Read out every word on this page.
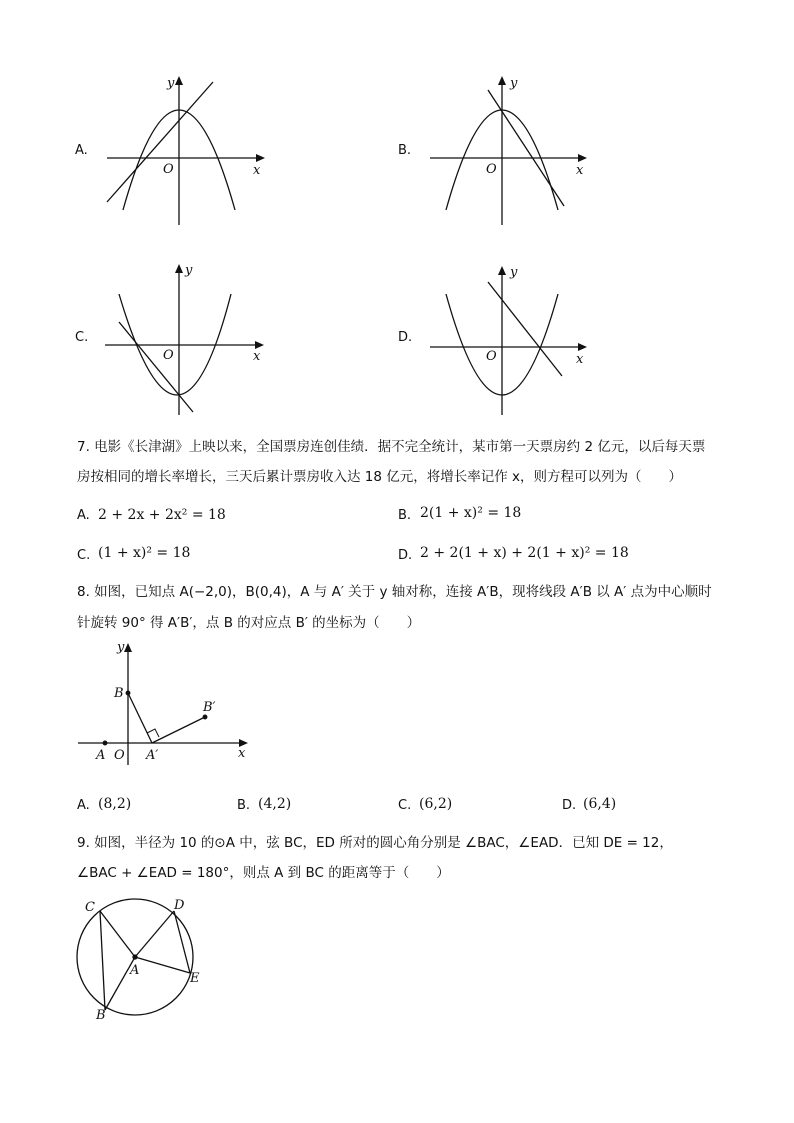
A.
y
O	x
B.
y
O	x
C.
y
O	x
D.
y
O	x
7. 电影《长津湖》上映以来，全国票房连创佳绩．据不完全统计，某市第一天票房约 2 亿元，以后每天票
房按相同的增长率增长，三天后累计票房收入达 18 亿元，将增长率记作 x，则方程可以列为（　　）
A. 2 + 2x + 2x² = 18	B. 2(1 + x)² = 18
C. (1 + x)² = 18	D. 2 + 2(1 + x) + 2(1 + x)² = 18
8. 如图，已知点 A(−2,0)，B(0,4)，A 与 A′ 关于 y 轴对称，连接 A′B，现将线段 A′B 以 A′ 点为中心顺时
针旋转 90° 得 A′B′，点 B 的对应点 B′ 的坐标为（　　）
y
B
B′
A O A′	x
A. (8,2)	B. (4,2)	C. (6,2)	D. (6,4)
9. 如图，半径为 10 的⊙A 中，弦 BC，ED 所对的圆心角分别是 ∠BAC，∠EAD．已知 DE = 12，
∠BAC + ∠EAD = 180°，则点 A 到 BC 的距离等于（　　）
C	D
A
E
B
